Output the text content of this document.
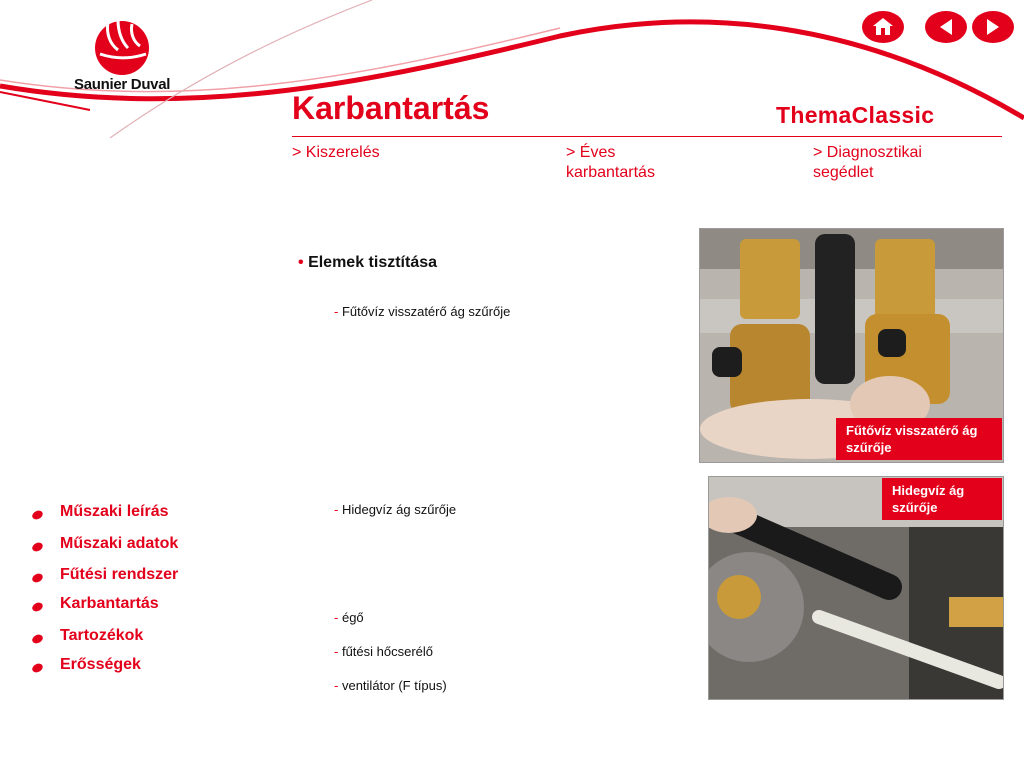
Saunier Duval
Karbantartás	ThemaClassic
> Kiszerelés	> Éves
karbantartás
> Diagnosztikai
segédlet
• Elemek tisztítása
- Fűtővíz visszatérő ág szűrője
- Hidegvíz ág szűrője
- égő
- fűtési hőcserélő
- ventilátor (F típus)
Fűtővíz visszatérő ág
szűrője
Hidegvíz ág
szűrője
Műszaki leírás
Műszaki adatok
Fűtési rendszer
Karbantartás
Tartozékok
Erősségek
